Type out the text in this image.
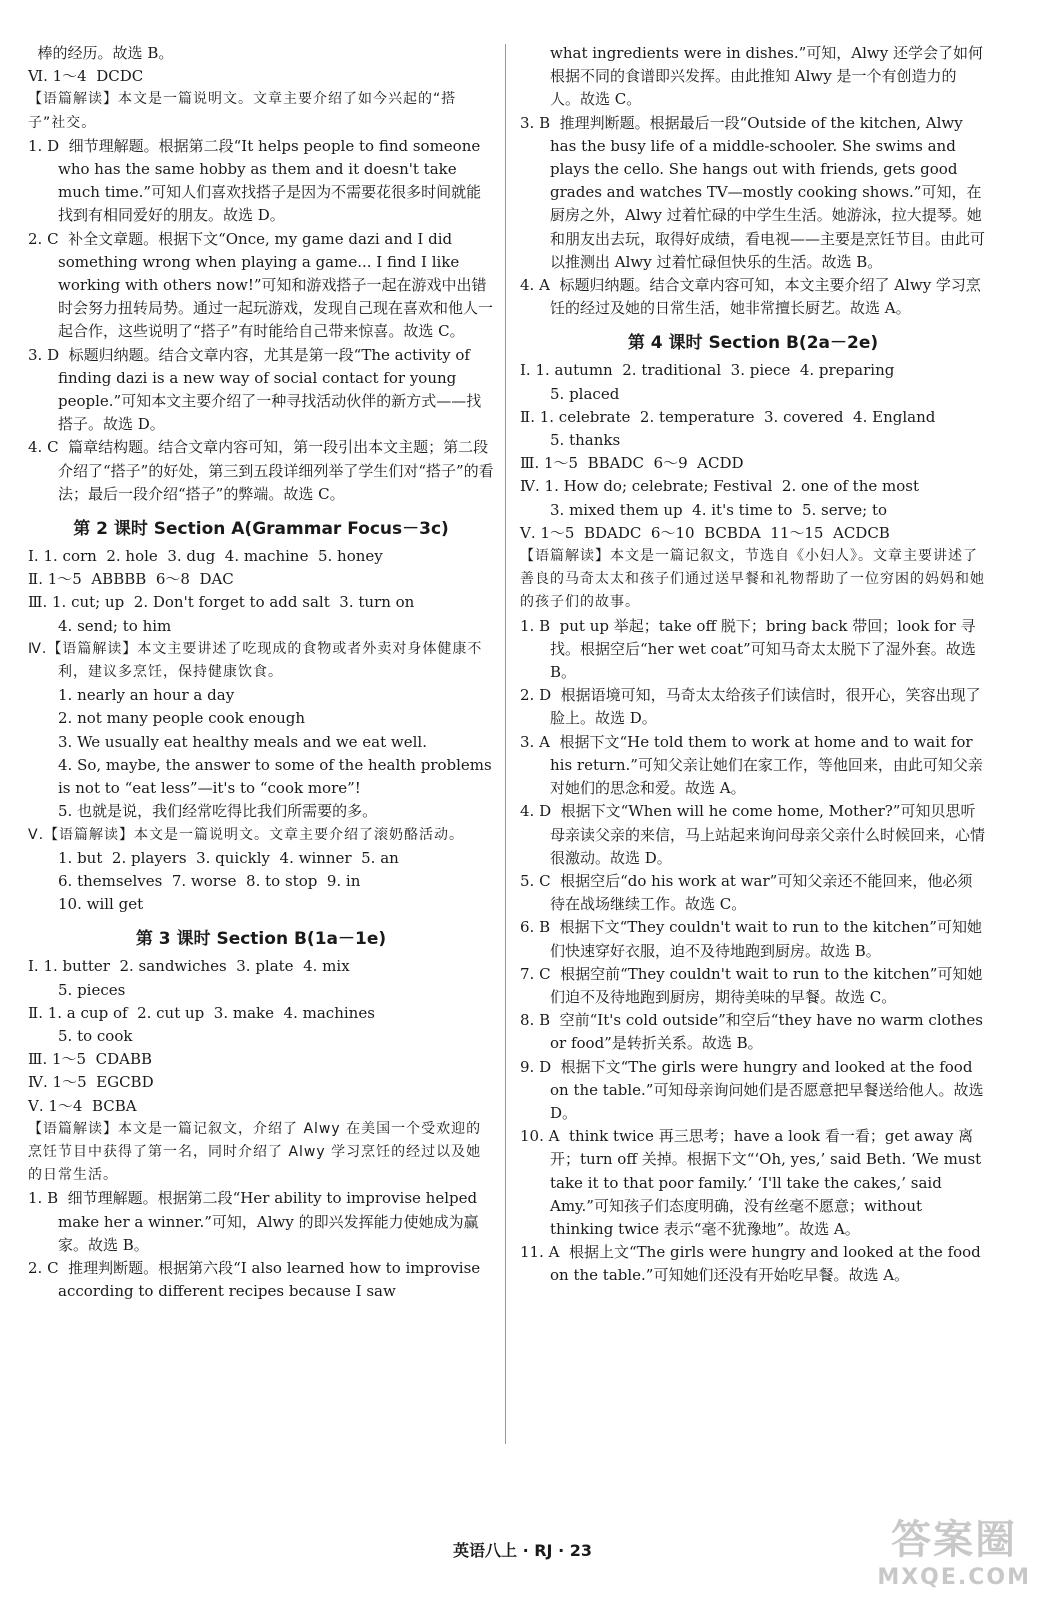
棒的经历。故选 B。
Ⅵ. 1～4  DCDC
【语篇解读】本文是一篇说明文。文章主要介绍了如今兴起的“搭子”社交。
1. D  细节理解题。根据第二段“It helps people to find someone who has the same hobby as them and it doesn't take much time.”可知人们喜欢找搭子是因为不需要花很多时间就能找到有相同爱好的朋友。故选 D。
2. C  补全文章题。根据下文“Once, my game dazi and I did something wrong when playing a game... I find I like working with others now!”可知和游戏搭子一起在游戏中出错时会努力扭转局势。通过一起玩游戏，发现自己现在喜欢和他人一起合作，这些说明了“搭子”有时能给自己带来惊喜。故选 C。
3. D  标题归纳题。结合文章内容，尤其是第一段“The activity of finding dazi is a new way of social contact for young people.”可知本文主要介绍了一种寻找活动伙伴的新方式——找搭子。故选 D。
4. C  篇章结构题。结合文章内容可知，第一段引出本文主题；第二段介绍了“搭子”的好处，第三到五段详细列举了学生们对“搭子”的看法；最后一段介绍“搭子”的弊端。故选 C。
第 2 课时 Section A(Grammar Focus－3c)
Ⅰ. 1. corn  2. hole  3. dug  4. machine  5. honey
Ⅱ. 1～5  ABBBB  6～8  DAC
Ⅲ. 1. cut; up  2. Don't forget to add salt  3. turn on
4. send; to him
Ⅳ.【语篇解读】本文主要讲述了吃现成的食物或者外卖对身体健康不利，建议多烹饪，保持健康饮食。
1. nearly an hour a day
2. not many people cook enough
3. We usually eat healthy meals and we eat well.
4. So, maybe, the answer to some of the health problems is not to “eat less”—it's to “cook more”!
5. 也就是说，我们经常吃得比我们所需要的多。
Ⅴ.【语篇解读】本文是一篇说明文。文章主要介绍了滚奶酪活动。
1. but  2. players  3. quickly  4. winner  5. an
6. themselves  7. worse  8. to stop  9. in
10. will get
第 3 课时 Section B(1a－1e)
Ⅰ. 1. butter  2. sandwiches  3. plate  4. mix
5. pieces
Ⅱ. 1. a cup of  2. cut up  3. make  4. machines
5. to cook
Ⅲ. 1～5  CDABB
Ⅳ. 1～5  EGCBD
Ⅴ. 1～4  BCBA
【语篇解读】本文是一篇记叙文，介绍了 Alwy 在美国一个受欢迎的烹饪节目中获得了第一名，同时介绍了 Alwy 学习烹饪的经过以及她的日常生活。
1. B  细节理解题。根据第二段“Her ability to improvise helped make her a winner.”可知，Alwy 的即兴发挥能力使她成为赢家。故选 B。
2. C  推理判断题。根据第六段“I also learned how to improvise according to different recipes because I saw
what ingredients were in dishes.”可知，Alwy 还学会了如何根据不同的食谱即兴发挥。由此推知 Alwy 是一个有创造力的人。故选 C。
3. B  推理判断题。根据最后一段“Outside of the kitchen, Alwy has the busy life of a middle-schooler. She swims and plays the cello. She hangs out with friends, gets good grades and watches TV—mostly cooking shows.”可知，在厨房之外，Alwy 过着忙碌的中学生生活。她游泳，拉大提琴。她和朋友出去玩，取得好成绩，看电视——主要是烹饪节目。由此可以推测出 Alwy 过着忙碌但快乐的生活。故选 B。
4. A  标题归纳题。结合文章内容可知，本文主要介绍了 Alwy 学习烹饪的经过及她的日常生活，她非常擅长厨艺。故选 A。
第 4 课时 Section B(2a－2e)
Ⅰ. 1. autumn  2. traditional  3. piece  4. preparing
5. placed
Ⅱ. 1. celebrate  2. temperature  3. covered  4. England
5. thanks
Ⅲ. 1～5  BBADC  6～9  ACDD
Ⅳ. 1. How do; celebrate; Festival  2. one of the most
3. mixed them up  4. it's time to  5. serve; to
Ⅴ. 1～5  BDADC  6～10  BCBDA  11～15  ACDCB
【语篇解读】本文是一篇记叙文，节选自《小妇人》。文章主要讲述了善良的马奇太太和孩子们通过送早餐和礼物帮助了一位穷困的妈妈和她的孩子们的故事。
1. B  put up 举起；take off 脱下；bring back 带回；look for 寻找。根据空后“her wet coat”可知马奇太太脱下了湿外套。故选 B。
2. D  根据语境可知，马奇太太给孩子们读信时，很开心，笑容出现了脸上。故选 D。
3. A  根据下文“He told them to work at home and to wait for his return.”可知父亲让她们在家工作，等他回来，由此可知父亲对她们的思念和爱。故选 A。
4. D  根据下文“When will he come home, Mother?”可知贝思听母亲读父亲的来信，马上站起来询问母亲父亲什么时候回来，心情很激动。故选 D。
5. C  根据空后“do his work at war”可知父亲还不能回来，他必须待在战场继续工作。故选 C。
6. B  根据下文“They couldn't wait to run to the kitchen”可知她们快速穿好衣服，迫不及待地跑到厨房。故选 B。
7. C  根据空前“They couldn't wait to run to the kitchen”可知她们迫不及待地跑到厨房，期待美味的早餐。故选 C。
8. B  空前“It's cold outside”和空后“they have no warm clothes or food”是转折关系。故选 B。
9. D  根据下文“The girls were hungry and looked at the food on the table.”可知母亲询问她们是否愿意把早餐送给他人。故选 D。
10. A  think twice 再三思考；have a look 看一看；get away 离开；turn off 关掉。根据下文“‘Oh, yes,’ said Beth. ‘We must take it to that poor family.’ ‘I'll take the cakes,’ said Amy.”可知孩子们态度明确，没有丝毫不愿意；without thinking twice 表示“毫不犹豫地”。故选 A。
11. A  根据上文“The girls were hungry and looked at the food on the table.”可知她们还没有开始吃早餐。故选 A。
英语八上 · RJ · 23	答案圈
MXQE.COM
